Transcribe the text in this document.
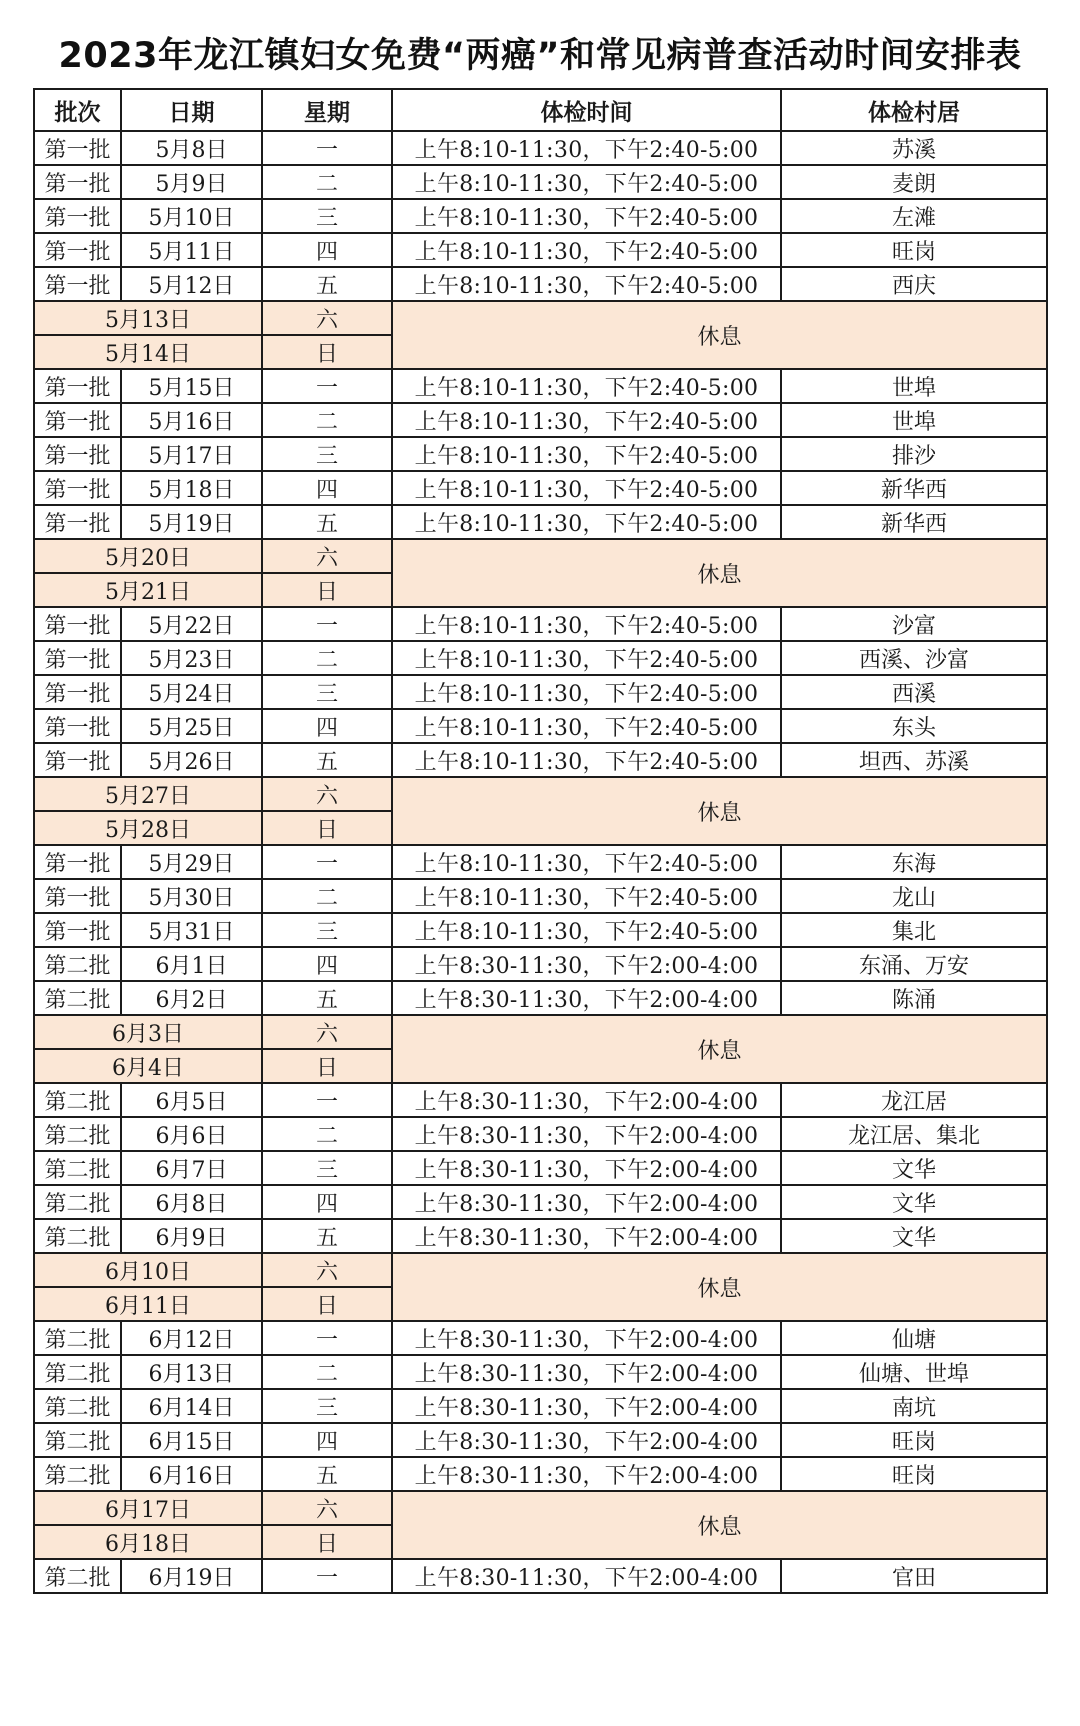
2023年龙江镇妇女免费“两癌”和常见病普查活动时间安排表
批次	日期	星期	体检时间	体检村居
第一批	5月8日	一	上午8:10-11:30，下午2:40-5:00	苏溪
第一批	5月9日	二	上午8:10-11:30，下午2:40-5:00	麦朗
第一批	5月10日	三	上午8:10-11:30，下午2:40-5:00	左滩
第一批	5月11日	四	上午8:10-11:30，下午2:40-5:00	旺岗
第一批	5月12日	五	上午8:10-11:30，下午2:40-5:00	西庆
5月13日		六	休息	
5月14日		日		
第一批	5月15日	一	上午8:10-11:30，下午2:40-5:00	世埠
第一批	5月16日	二	上午8:10-11:30，下午2:40-5:00	世埠
第一批	5月17日	三	上午8:10-11:30，下午2:40-5:00	排沙
第一批	5月18日	四	上午8:10-11:30，下午2:40-5:00	新华西
第一批	5月19日	五	上午8:10-11:30，下午2:40-5:00	新华西
5月20日		六	休息	
5月21日		日		
第一批	5月22日	一	上午8:10-11:30，下午2:40-5:00	沙富
第一批	5月23日	二	上午8:10-11:30，下午2:40-5:00	西溪、沙富
第一批	5月24日	三	上午8:10-11:30，下午2:40-5:00	西溪
第一批	5月25日	四	上午8:10-11:30，下午2:40-5:00	东头
第一批	5月26日	五	上午8:10-11:30，下午2:40-5:00	坦西、苏溪
5月27日		六	休息	
5月28日		日		
第一批	5月29日	一	上午8:10-11:30，下午2:40-5:00	东海
第一批	5月30日	二	上午8:10-11:30，下午2:40-5:00	龙山
第一批	5月31日	三	上午8:10-11:30，下午2:40-5:00	集北
第二批	6月1日	四	上午8:30-11:30，下午2:00-4:00	东涌、万安
第二批	6月2日	五	上午8:30-11:30，下午2:00-4:00	陈涌
6月3日		六	休息	
6月4日		日		
第二批	6月5日	一	上午8:30-11:30，下午2:00-4:00	龙江居
第二批	6月6日	二	上午8:30-11:30，下午2:00-4:00	龙江居、集北
第二批	6月7日	三	上午8:30-11:30，下午2:00-4:00	文华
第二批	6月8日	四	上午8:30-11:30，下午2:00-4:00	文华
第二批	6月9日	五	上午8:30-11:30，下午2:00-4:00	文华
6月10日		六	休息	
6月11日		日		
第二批	6月12日	一	上午8:30-11:30，下午2:00-4:00	仙塘
第二批	6月13日	二	上午8:30-11:30，下午2:00-4:00	仙塘、世埠
第二批	6月14日	三	上午8:30-11:30，下午2:00-4:00	南坑
第二批	6月15日	四	上午8:30-11:30，下午2:00-4:00	旺岗
第二批	6月16日	五	上午8:30-11:30，下午2:00-4:00	旺岗
6月17日		六	休息	
6月18日		日		
第二批	6月19日	一	上午8:30-11:30，下午2:00-4:00	官田
